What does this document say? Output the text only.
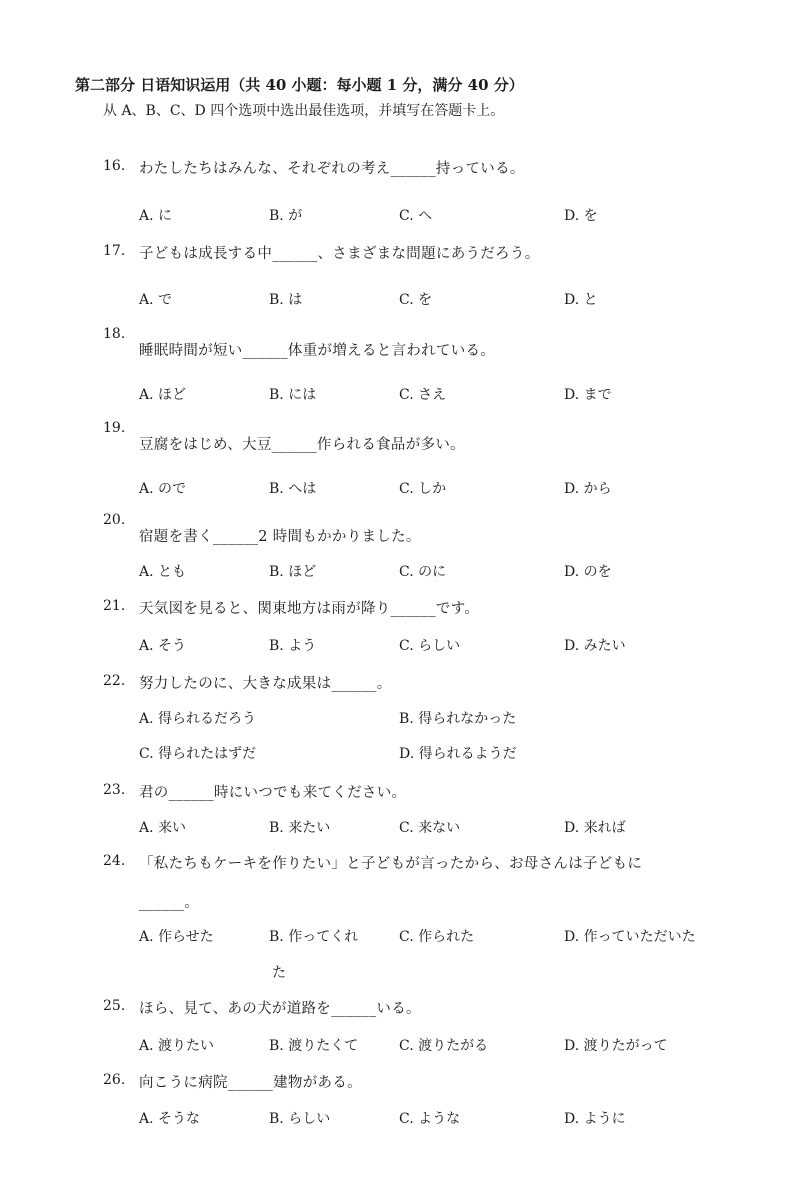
第二部分 日语知识运用（共 40 小题：每小题 1 分，满分 40 分）
从 A、B、C、D 四个选项中选出最佳选项，并填写在答题卡上。
16. わたしたちはみんな、それぞれの考え______持っている。
A. に	B. が	C. へ	D. を
17. 子どもは成長する中______、さまざまな問題にあうだろう。
A. で	B. は	C. を	D. と
18.
睡眠時間が短い______体重が増えると言われている。
A. ほど	B. には	C. さえ	D. まで
19.
豆腐をはじめ、大豆______作られる食品が多い。
A. ので	B. へは	C. しか	D. から
20.
宿題を書く______2 時間もかかりました。
A. とも	B. ほど	C. のに	D. のを
21. 天気図を見ると、関東地方は雨が降り______です。
A. そう	B. よう	C. らしい	D. みたい
22. 努力したのに、大きな成果は______。
A. 得られるだろう	B. 得られなかった
C. 得られたはずだ	D. 得られるようだ
23. 君の______時にいつでも来てください。
A. 来い	B. 来たい	C. 来ない	D. 来れば
24. 「私たちもケーキを作りたい」と子どもが言ったから、お母さんは子どもに
______。
A. 作らせた	B. 作ってくれ	C. 作られた	D. 作っていただいた
た
25. ほら、見て、あの犬が道路を______いる。
A. 渡りたい	B. 渡りたくて	C. 渡りたがる	D. 渡りたがって
26. 向こうに病院______建物がある。
A. そうな	B. らしい	C. ような	D. ように
